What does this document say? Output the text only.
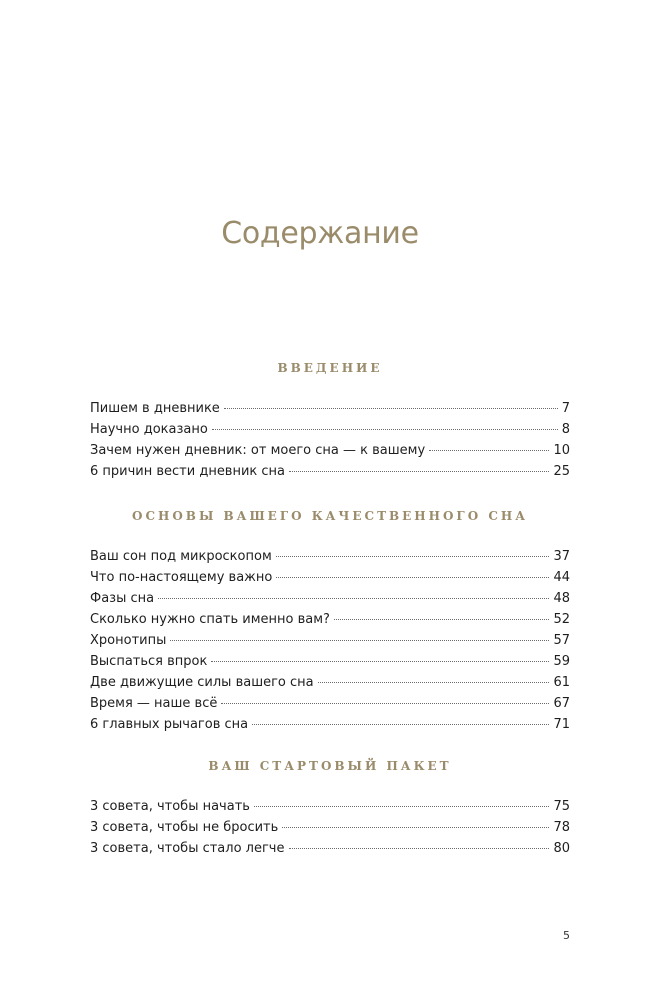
Содержание
ВВЕДЕНИЕ
Пишем в дневнике	7
Научно доказано	8
Зачем нужен дневник: от моего сна — к вашему	10
6 причин вести дневник сна	25
ОСНОВЫ ВАШЕГО КАЧЕСТВЕННОГО СНА
Ваш сон под микроскопом	37
Что по-настоящему важно	44
Фазы сна	48
Сколько нужно спать именно вам?	52
Хронотипы	57
Выспаться впрок	59
Две движущие силы вашего сна	61
Время — наше всё	67
6 главных рычагов сна	71
ВАШ СТАРТОВЫЙ ПАКЕТ
3 совета, чтобы начать	75
3 совета, чтобы не бросить	78
3 совета, чтобы стало легче	80
5
